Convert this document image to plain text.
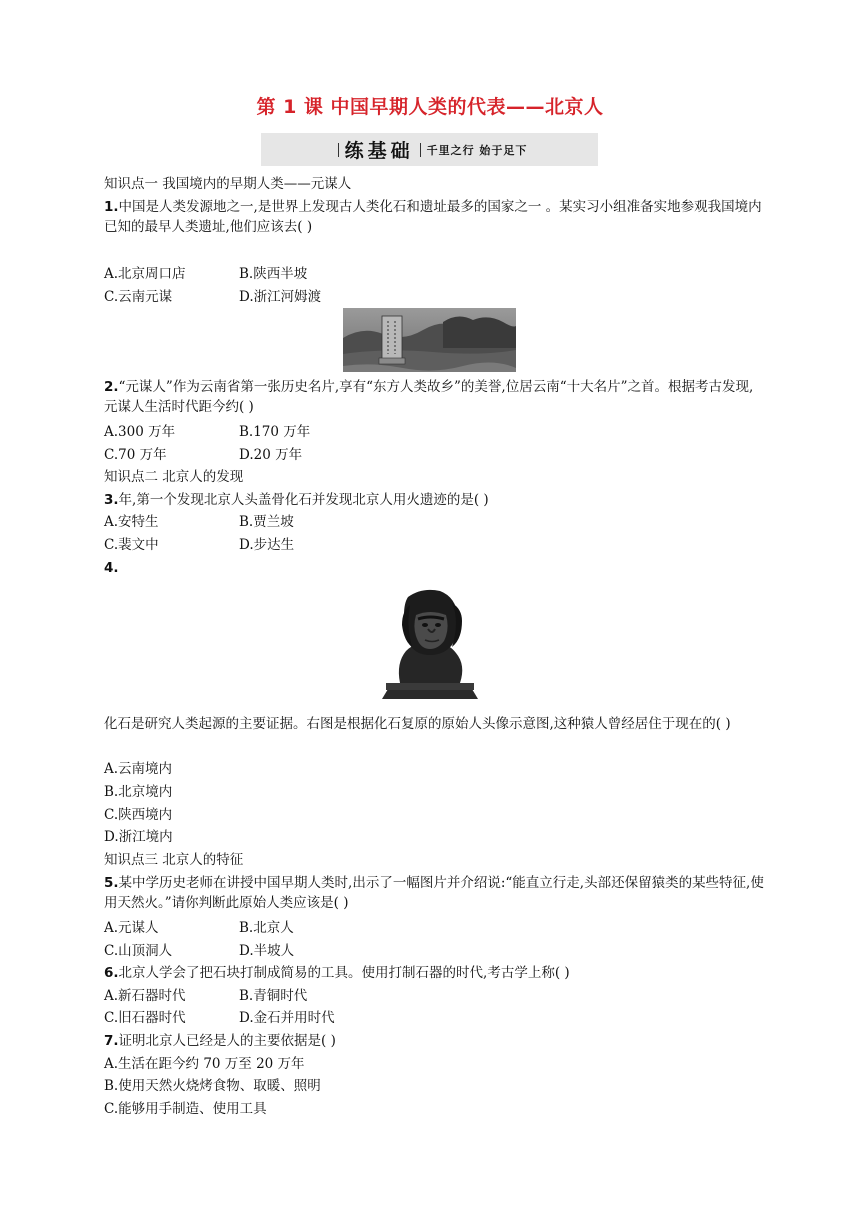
第 1 课 中国早期人类的代表——北京人
练基础 千里之行 始于足下
知识点一 我国境内的早期人类——元谋人
1.中国是人类发源地之一,是世界上发现古人类化石和遗址最多的国家之一 。某实习小组准备实地参观我国境内已知的最早人类遗址,他们应该去( )
A.北京周口店	B.陕西半坡
C.云南元谋	D.浙江河姆渡
2.“元谋人”作为云南省第一张历史名片,享有“东方人类故乡”的美誉,位居云南“十大名片”之首。根据考古发现,元谋人生活时代距今约( )
A.300 万年	B.170 万年
C.70 万年	D.20 万年
知识点二 北京人的发现
3.年,第一个发现北京人头盖骨化石并发现北京人用火遗迹的是( )
A.安特生	B.贾兰坡
C.裴文中	D.步达生
4.
化石是研究人类起源的主要证据。右图是根据化石复原的原始人头像示意图,这种猿人曾经居住于现在的( )
A.云南境内
B.北京境内
C.陕西境内
D.浙江境内
知识点三 北京人的特征
5.某中学历史老师在讲授中国早期人类时,出示了一幅图片并介绍说:“能直立行走,头部还保留猿类的某些特征,使用天然火。”请你判断此原始人类应该是( )
A.元谋人	B.北京人
C.山顶洞人	D.半坡人
6.北京人学会了把石块打制成简易的工具。使用打制石器的时代,考古学上称( )
A.新石器时代	B.青铜时代
C.旧石器时代	D.金石并用时代
7.证明北京人已经是人的主要依据是( )
A.生活在距今约 70 万至 20 万年
B.使用天然火烧烤食物、取暖、照明
C.能够用手制造、使用工具
